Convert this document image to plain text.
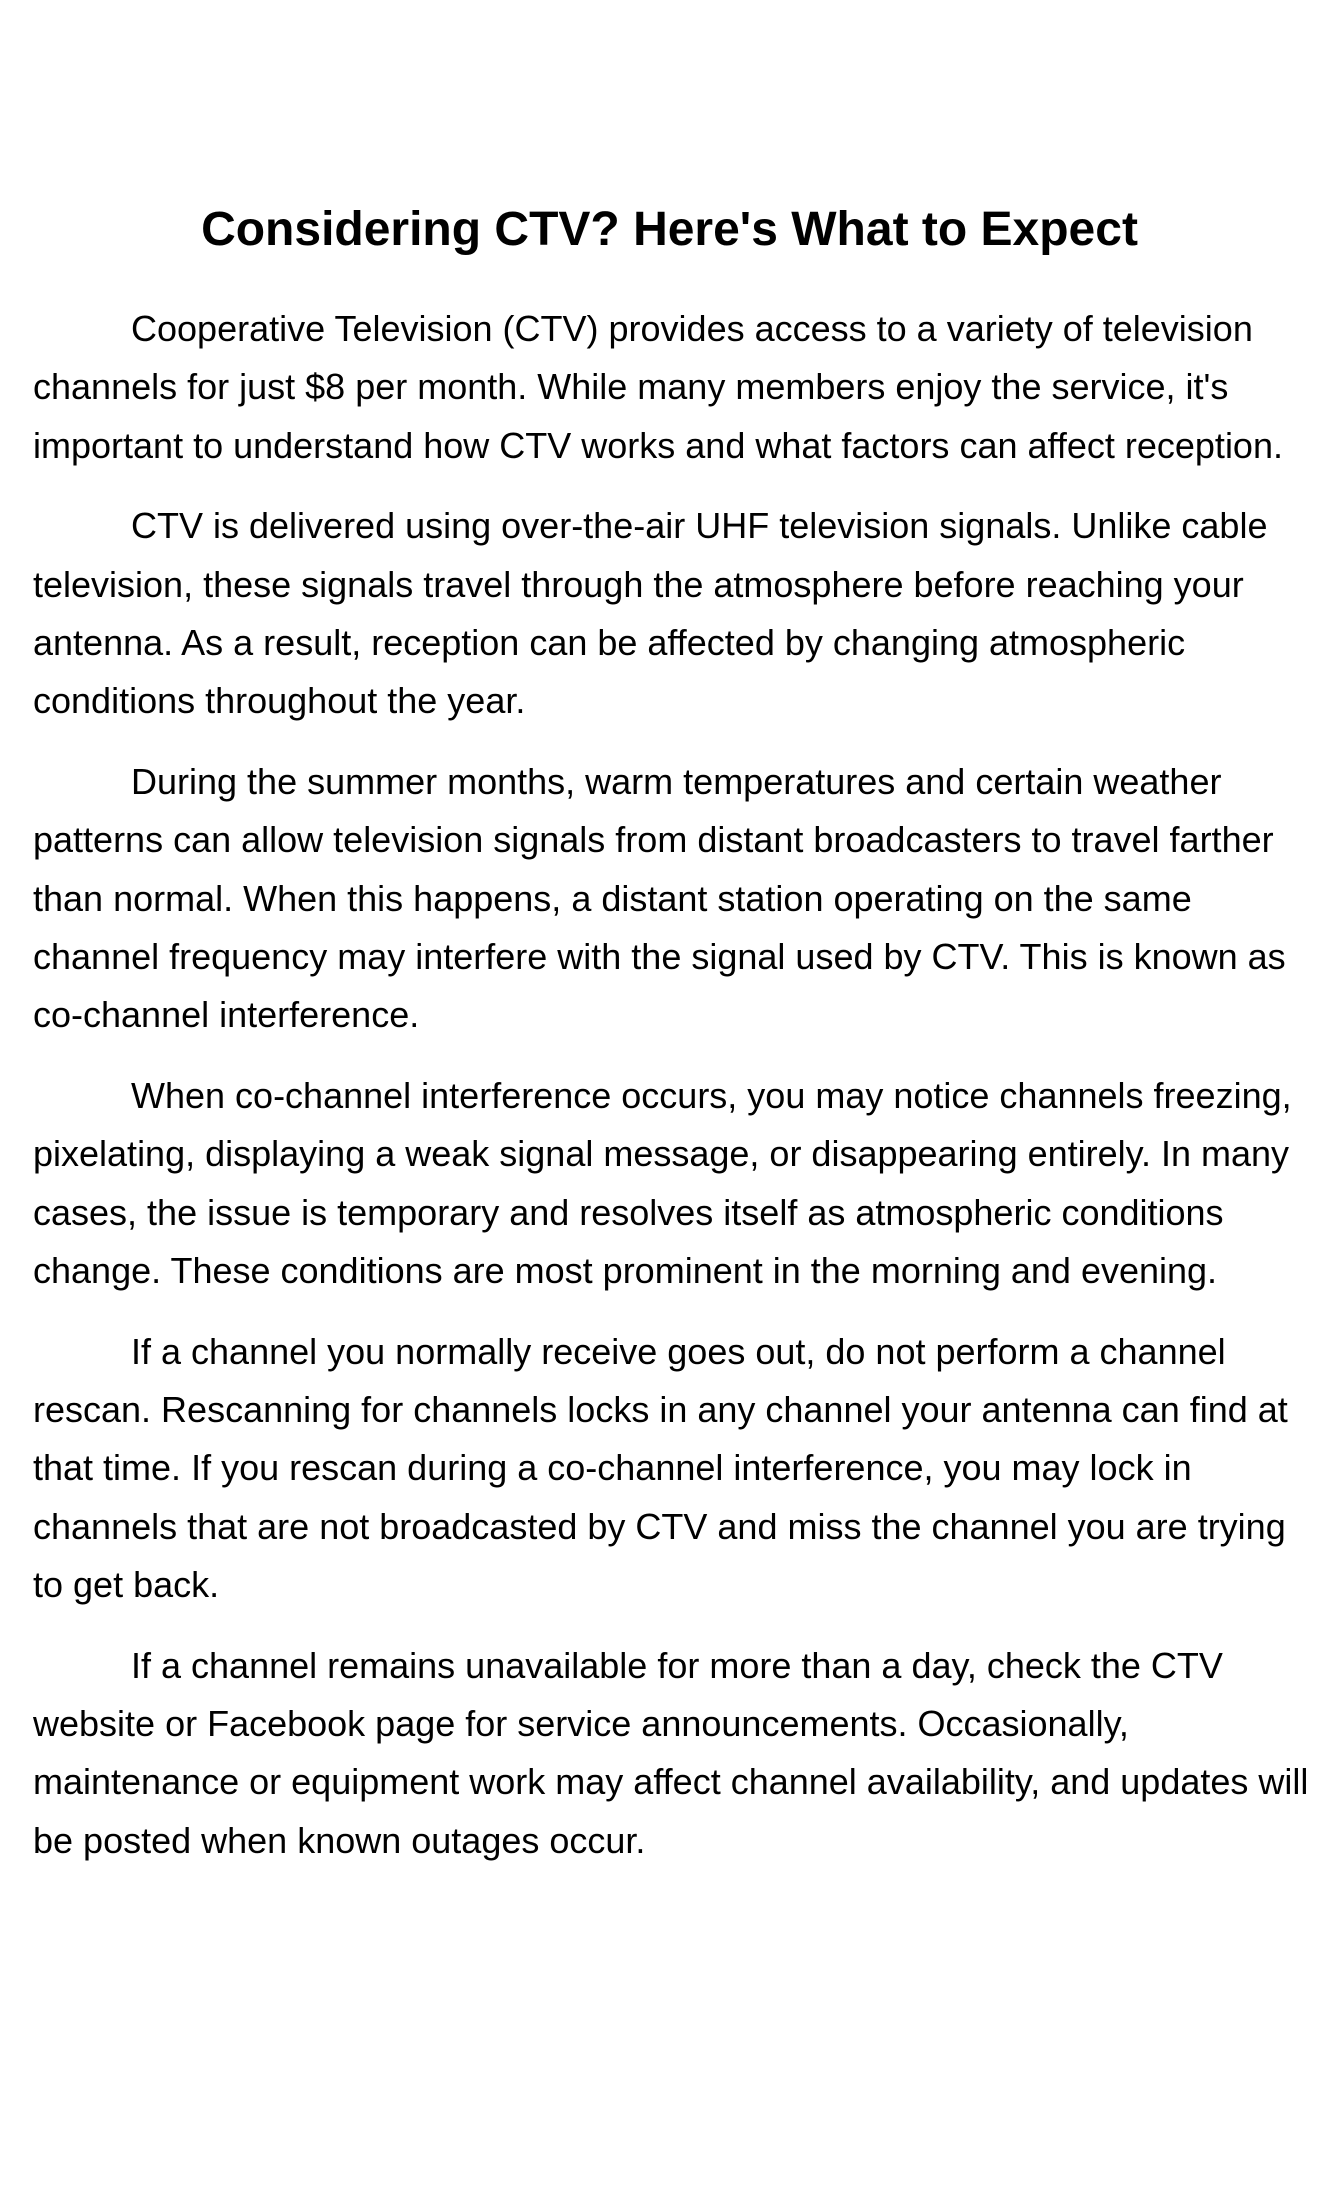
Considering CTV? Here's What to Expect

Cooperative Television (CTV) provides access to a variety of television channels for just $8 per month. While many members enjoy the service, it's important to understand how CTV works and what factors can affect reception.

CTV is delivered using over-the-air UHF television signals. Unlike cable television, these signals travel through the atmosphere before reaching your antenna. As a result, reception can be affected by changing atmospheric conditions throughout the year.

During the summer months, warm temperatures and certain weather patterns can allow television signals from distant broadcasters to travel farther than normal. When this happens, a distant station operating on the same channel frequency may interfere with the signal used by CTV. This is known as co-channel interference.

When co-channel interference occurs, you may notice channels freezing, pixelating, displaying a weak signal message, or disappearing entirely. In many cases, the issue is temporary and resolves itself as atmospheric conditions change. These conditions are most prominent in the morning and evening.

If a channel you normally receive goes out, do not perform a channel rescan. Rescanning for channels locks in any channel your antenna can find at that time. If you rescan during a co-channel interference, you may lock in channels that are not broadcasted by CTV and miss the channel you are trying to get back.

If a channel remains unavailable for more than a day, check the CTV website or Facebook page for service announcements. Occasionally, maintenance or equipment work may affect channel availability, and updates will be posted when known outages occur.
